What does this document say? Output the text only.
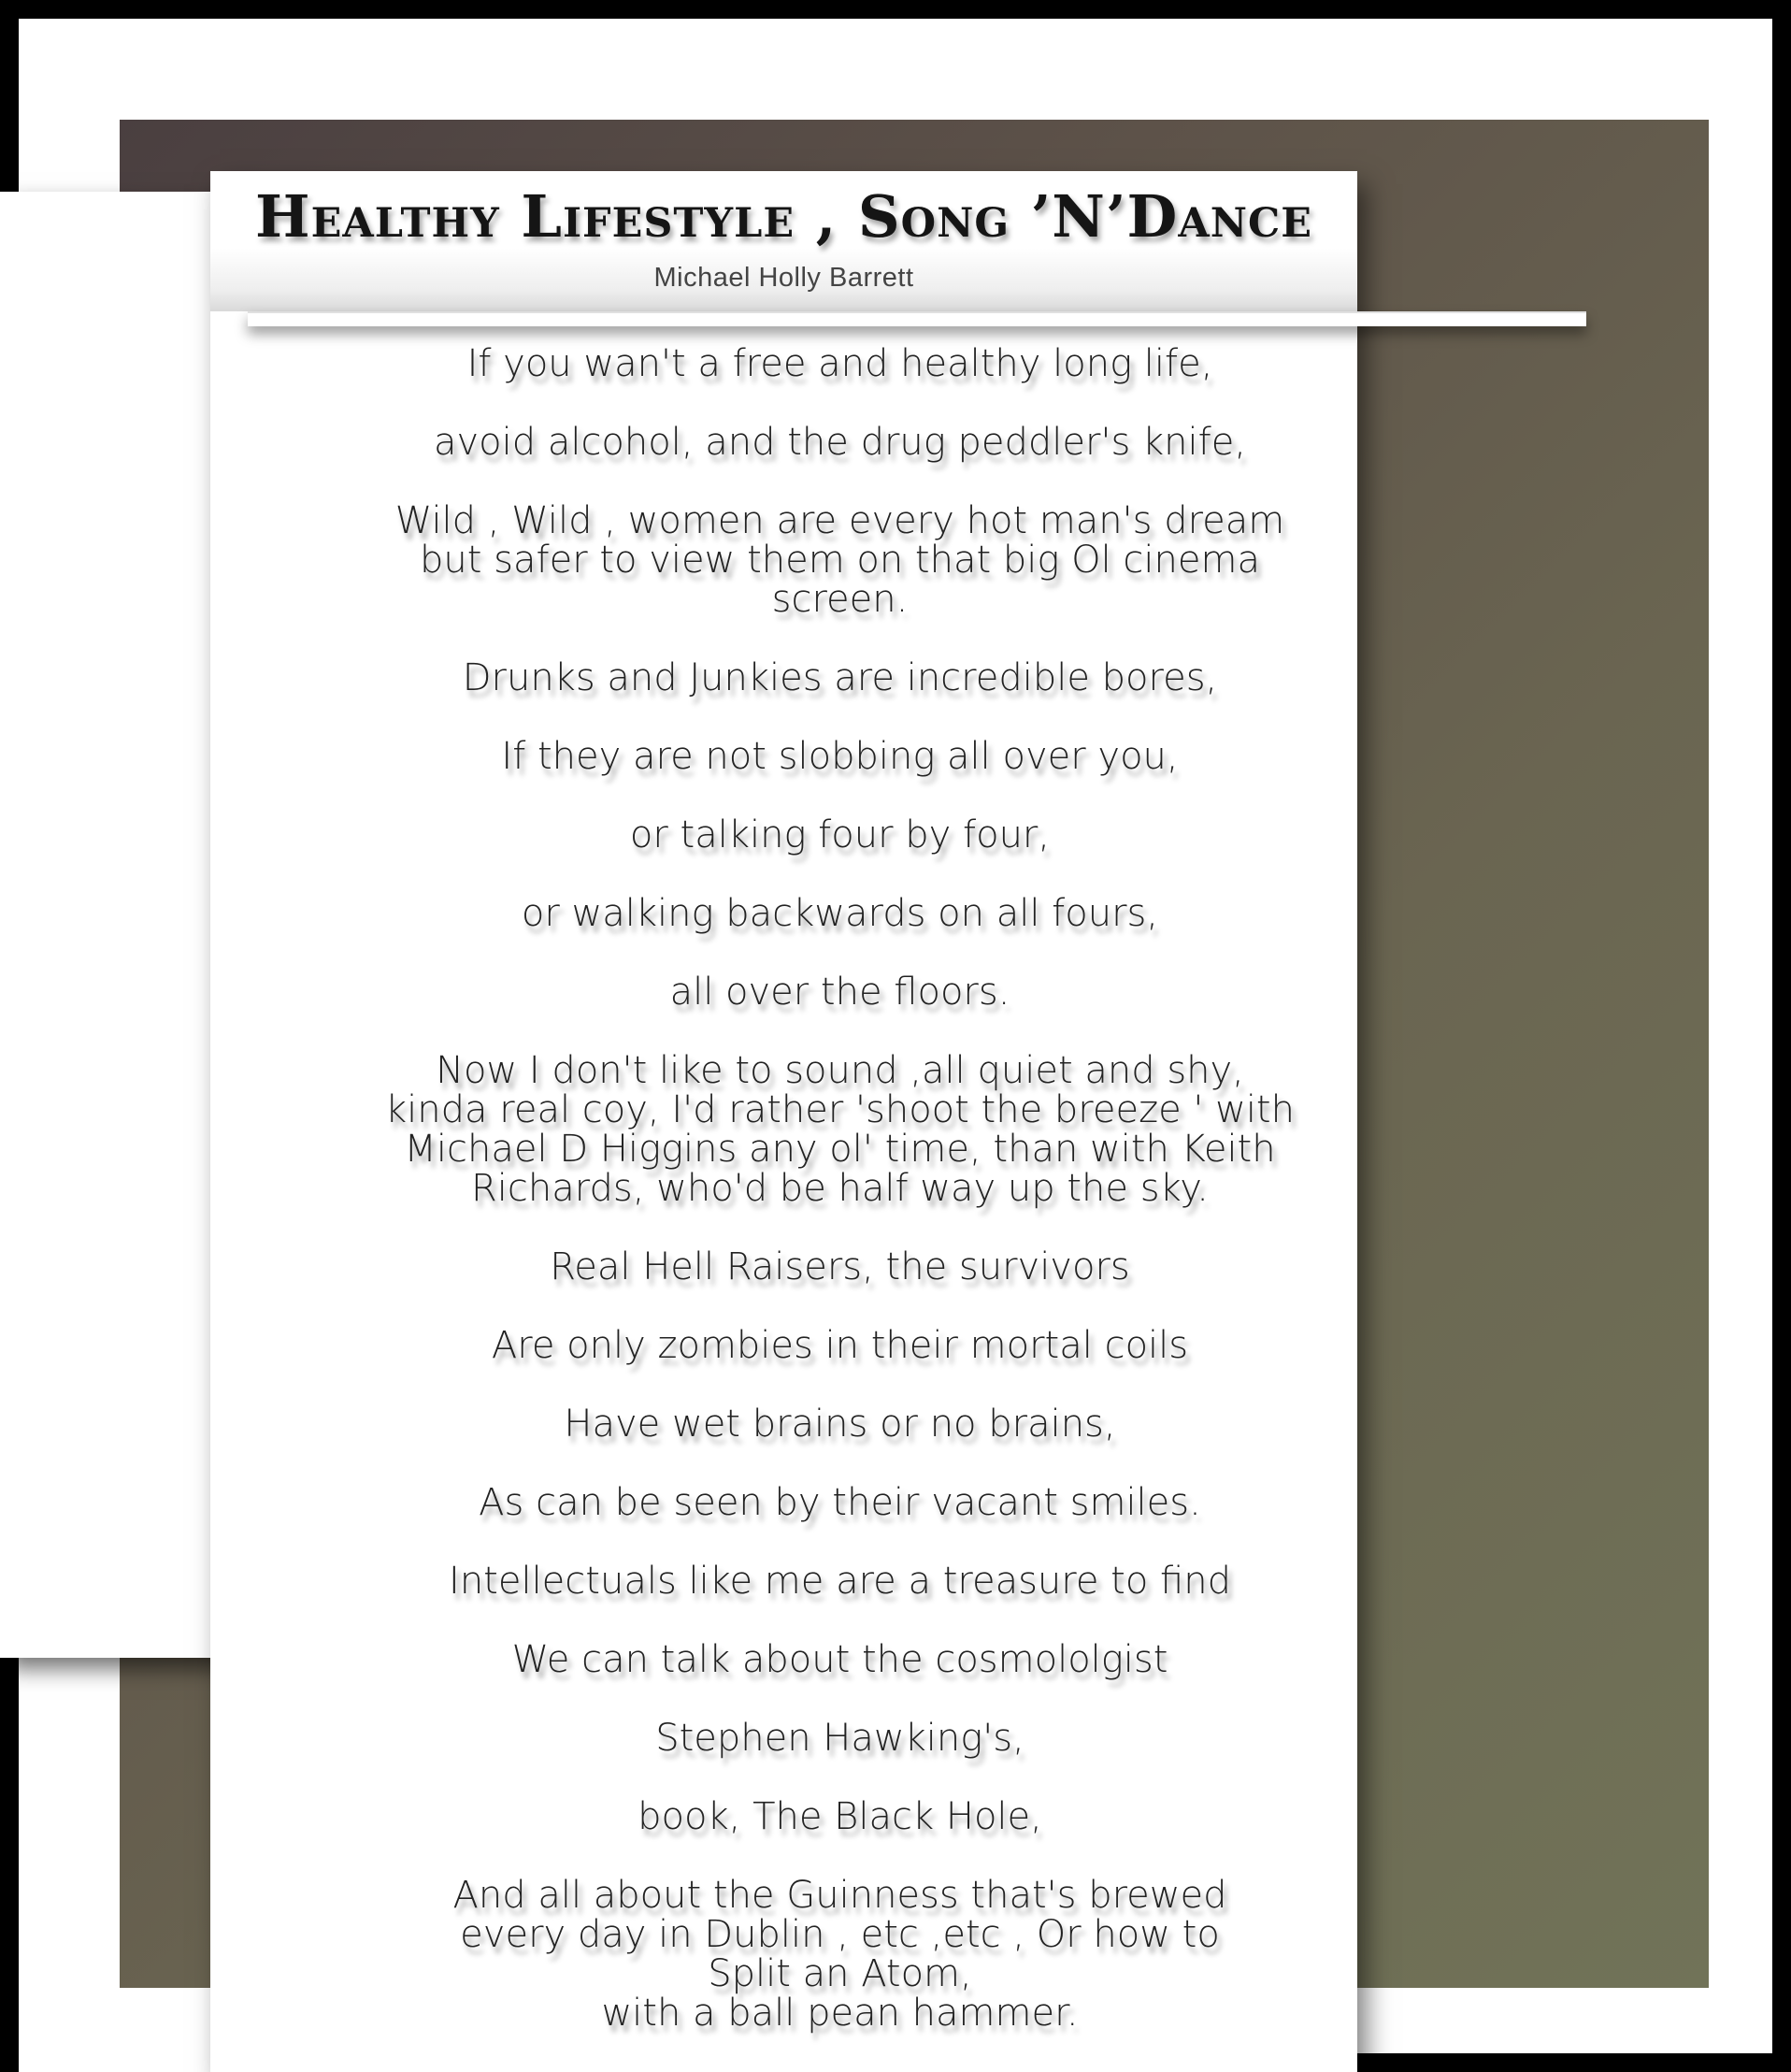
Healthy Lifestyle , Song ’N’Dance
Michael Holly Barrett
If you wan't a free and healthy long life,
avoid alcohol, and the drug peddler's knife,
Wild , Wild , women are every hot man's dream
but safer to view them on that big Ol cinema
screen.
Drunks and Junkies are incredible bores,
If they are not slobbing all over you,
or talking four by four,
or walking backwards on all fours,
all over the floors.
Now I don't like to sound ,all quiet and shy,
kinda real coy, I'd rather 'shoot the breeze ' with
Michael D Higgins any ol' time, than with Keith
Richards, who'd be half way up the sky.
Real Hell Raisers, the survivors
Are only zombies in their mortal coils
Have wet brains or no brains,
As can be seen by their vacant smiles.
Intellectuals like me are a treasure to find
We can talk about the cosmololgist
Stephen Hawking's,
book, The Black Hole,
And all about the Guinness that's brewed
every day in Dublin , etc ,etc , Or how to
Split an Atom,
with a ball pean hammer.
